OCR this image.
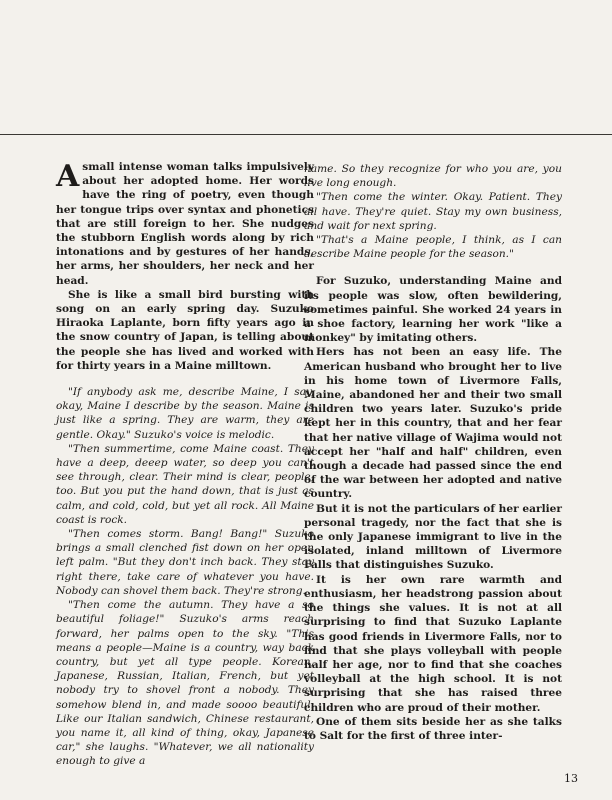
A small intense woman talks impulsively about her adopted home. Her words have the ring of poetry, even though her tongue trips over syntax and phonetics that are still foreign to her. She nudges the stubborn English words along by rich intonations and by gestures of her hands, her arms, her shoulders, her neck and her head.

She is like a small bird bursting with song on an early spring day. Suzuko Hiraoka Laplante, born fifty years ago in the snow country of Japan, is telling about the people she has lived and worked with for thirty years in a Maine milltown.

"If anybody ask me, describe Maine, I say, okay, Maine I describe by the season. Maine is just like a spring. They are warm, they are gentle. Okay." Suzuko's voice is melodic.

"Then summertime, come Maine coast. They have a deep, deeep water, so deep you can't see through, clear. Their mind is clear, people, too. But you put the hand down, that is just as calm, and cold, cold, but yet all rock. All Maine coast is rock.

"Then comes storm. Bang! Bang!" Suzuko brings a small clenched fist down on her open left palm. "But they don't inch back. They stay right there, take care of whatever you have. Nobody can shovel them back. They're strong.

"Then come the autumn. They have a so beautiful foliage!" Suzuko's arms reach forward, her palms open to the sky. "This means a people—Maine is a country, way back country, but yet all type people. Korean, Japanese, Russian, Italian, French, but yet nobody try to shovel front a nobody. They somehow blend in, and made soooo beautiful. Like our Italian sandwich, Chinese restaurant, you name it, all kind of thing, okay, Japanese car," she laughs. "Whatever, we all nationality enough to give a

name. So they recognize for who you are, you live long enough.

"Then come the winter. Okay. Patient. They all have. They're quiet. Stay my own business, and wait for next spring.

"That's a Maine people, I think, as I can describe Maine people for the season."

For Suzuko, understanding Maine and its people was slow, often bewildering, sometimes painful. She worked 24 years in a shoe factory, learning her work "like a monkey" by imitating others.

Hers has not been an easy life. The American husband who brought her to live in his home town of Livermore Falls, Maine, abandoned her and their two small children two years later. Suzuko's pride kept her in this country, that and her fear that her native village of Wajima would not accept her "half and half" children, even though a decade had passed since the end of the war between her adopted and native country.

But it is not the particulars of her earlier personal tragedy, nor the fact that she is the only Japanese immigrant to live in the isolated, inland milltown of Livermore Falls that distinguishes Suzuko.

It is her own rare warmth and enthusiasm, her headstrong passion about the things she values. It is not at all surprising to find that Suzuko Laplante has good friends in Livermore Falls, nor to find that she plays volleyball with people half her age, nor to find that she coaches volleyball at the high school. It is not surprising that she has raised three children who are proud of their mother.

One of them sits beside her as she talks to Salt for the first of three inter-

13
